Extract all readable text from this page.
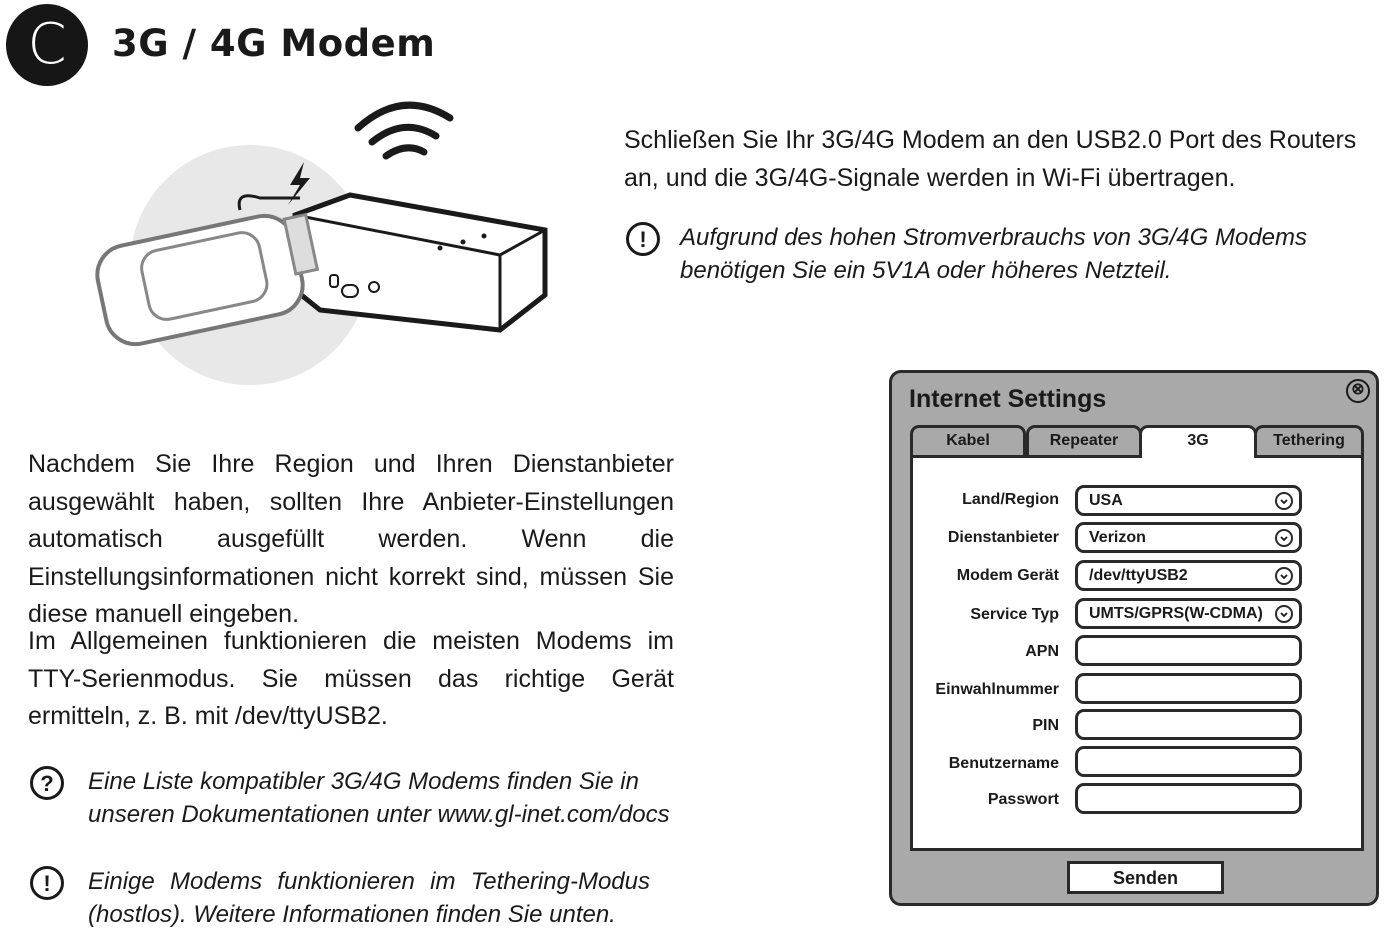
C	3G / 4G Modem
Schließen Sie Ihr 3G/4G Modem an den USB2.0 Port des Routers an, und die 3G/4G-Signale werden in Wi-Fi übertragen.
!	Aufgrund des hohen Stromverbrauchs von 3G/4G Modems benötigen Sie ein 5V1A oder höheres Netzteil.
Nachdem Sie Ihre Region und Ihren Dienstanbieter ausgewählt haben, sollten Ihre Anbieter-Einstellungen automatisch ausgefüllt werden. Wenn die Einstellungsinformationen nicht korrekt sind, müssen Sie diese manuell eingeben.
Im Allgemeinen funktionieren die meisten Modems im TTY-Serienmodus. Sie müssen das richtige Gerät ermitteln, z. B. mit /dev/ttyUSB2.
?	Eine Liste kompatibler 3G/4G Modems finden Sie in unseren Dokumentationen unter www.gl-inet.com/docs
!	Einige Modems funktionieren im Tethering-Modus (hostlos). Weitere Informationen finden Sie unten.
Internet Settings	⊗
Kabel	Repeater	3G	Tethering
Land/Region USA
Dienstanbieter Verizon
Modem Gerät /dev/ttyUSB2
Service Typ UMTS/GPRS(W-CDMA)
APN
Einwahlnummer
PIN
Benutzername
Passwort
Senden
